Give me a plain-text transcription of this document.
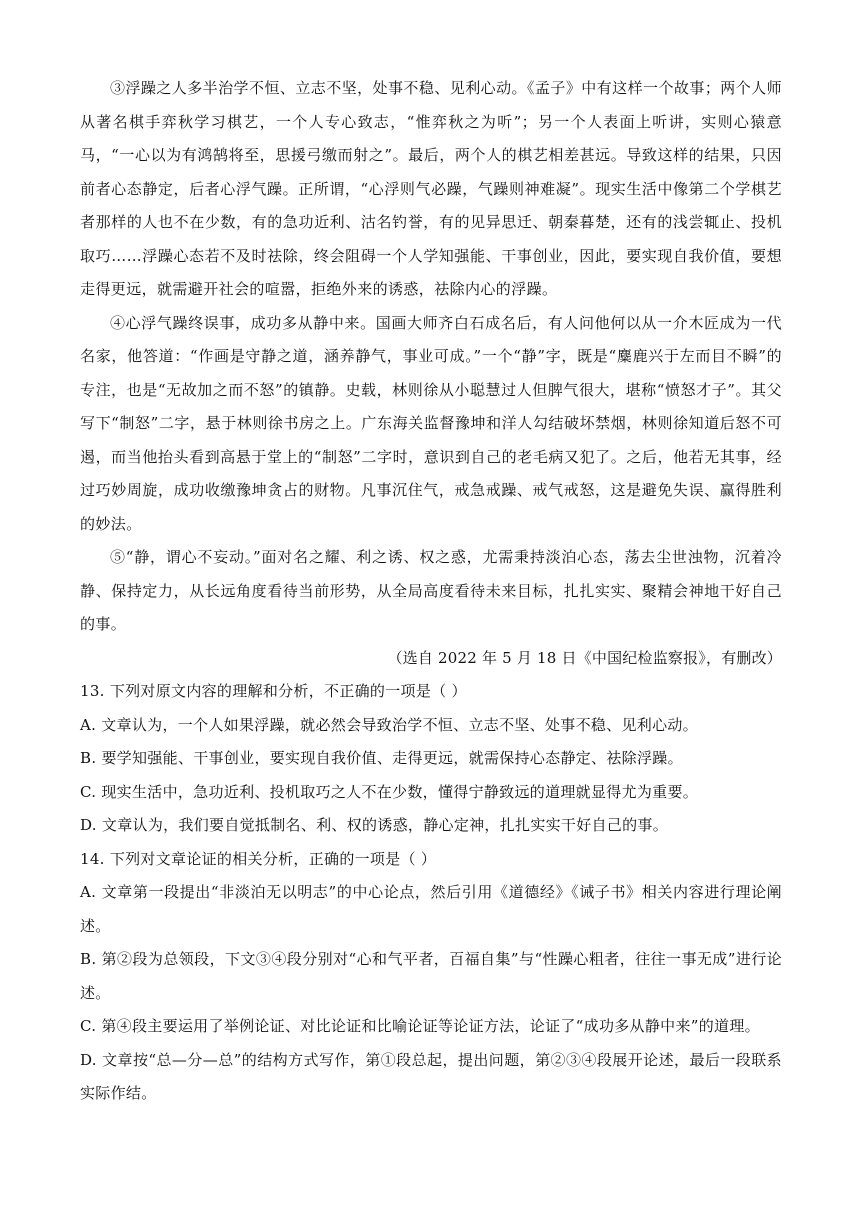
③浮躁之人多半治学不恒、立志不坚，处事不稳、见利心动。《孟子》中有这样一个故事；两个人师从著名棋手弈秋学习棋艺，一个人专心致志，“惟弈秋之为听”；另一个人表面上听讲，实则心猿意马，“一心以为有鸿鹄将至，思援弓缴而射之”。最后，两个人的棋艺相差甚远。导致这样的结果，只因前者心态静定，后者心浮气躁。正所谓，“心浮则气必躁，气躁则神难凝”。现实生活中像第二个学棋艺者那样的人也不在少数，有的急功近利、沽名钓誉，有的见异思迁、朝秦暮楚，还有的浅尝辄止、投机取巧……浮躁心态若不及时祛除，终会阻碍一个人学知强能、干事创业，因此，要实现自我价值，要想走得更远，就需避开社会的喧嚣，拒绝外来的诱惑，祛除内心的浮躁。

④心浮气躁终误事，成功多从静中来。国画大师齐白石成名后，有人问他何以从一介木匠成为一代名家，他答道：“作画是守静之道，涵养静气，事业可成。”一个“静”字，既是“麋鹿兴于左而目不瞬”的专注，也是“无故加之而不怒”的镇静。史载，林则徐从小聪慧过人但脾气很大，堪称“愤怒才子”。其父写下“制怒”二字，悬于林则徐书房之上。广东海关监督豫坤和洋人勾结破坏禁烟，林则徐知道后怒不可遏，而当他抬头看到高悬于堂上的“制怒”二字时，意识到自己的老毛病又犯了。之后，他若无其事，经过巧妙周旋，成功收缴豫坤贪占的财物。凡事沉住气，戒急戒躁、戒气戒怒，这是避免失误、赢得胜利的妙法。

⑤“静，谓心不妄动。”面对名之耀、利之诱、权之惑，尤需秉持淡泊心态，荡去尘世浊物，沉着冷静、保持定力，从长远角度看待当前形势，从全局高度看待未来目标，扎扎实实、聚精会神地干好自己的事。

（选自 2022 年 5 月 18 日《中国纪检监察报》，有删改）

13. 下列对原文内容的理解和分析，不正确的一项是（ ）

A. 文章认为，一个人如果浮躁，就必然会导致治学不恒、立志不坚、处事不稳、见利心动。

B. 要学知强能、干事创业，要实现自我价值、走得更远，就需保持心态静定、祛除浮躁。

C. 现实生活中，急功近利、投机取巧之人不在少数，懂得宁静致远的道理就显得尤为重要。

D. 文章认为，我们要自觉抵制名、利、权的诱惑，静心定神，扎扎实实干好自己的事。

14. 下列对文章论证的相关分析，正确的一项是（ ）

A. 文章第一段提出“非淡泊无以明志”的中心论点，然后引用《道德经》《诫子书》相关内容进行理论阐述。

B. 第②段为总领段，下文③④段分别对“心和气平者，百福自集”与“性躁心粗者，往往一事无成”进行论述。

C. 第④段主要运用了举例论证、对比论证和比喻论证等论证方法，论证了“成功多从静中来”的道理。

D. 文章按“总—分—总”的结构方式写作，第①段总起，提出问题，第②③④段展开论述，最后一段联系实际作结。
